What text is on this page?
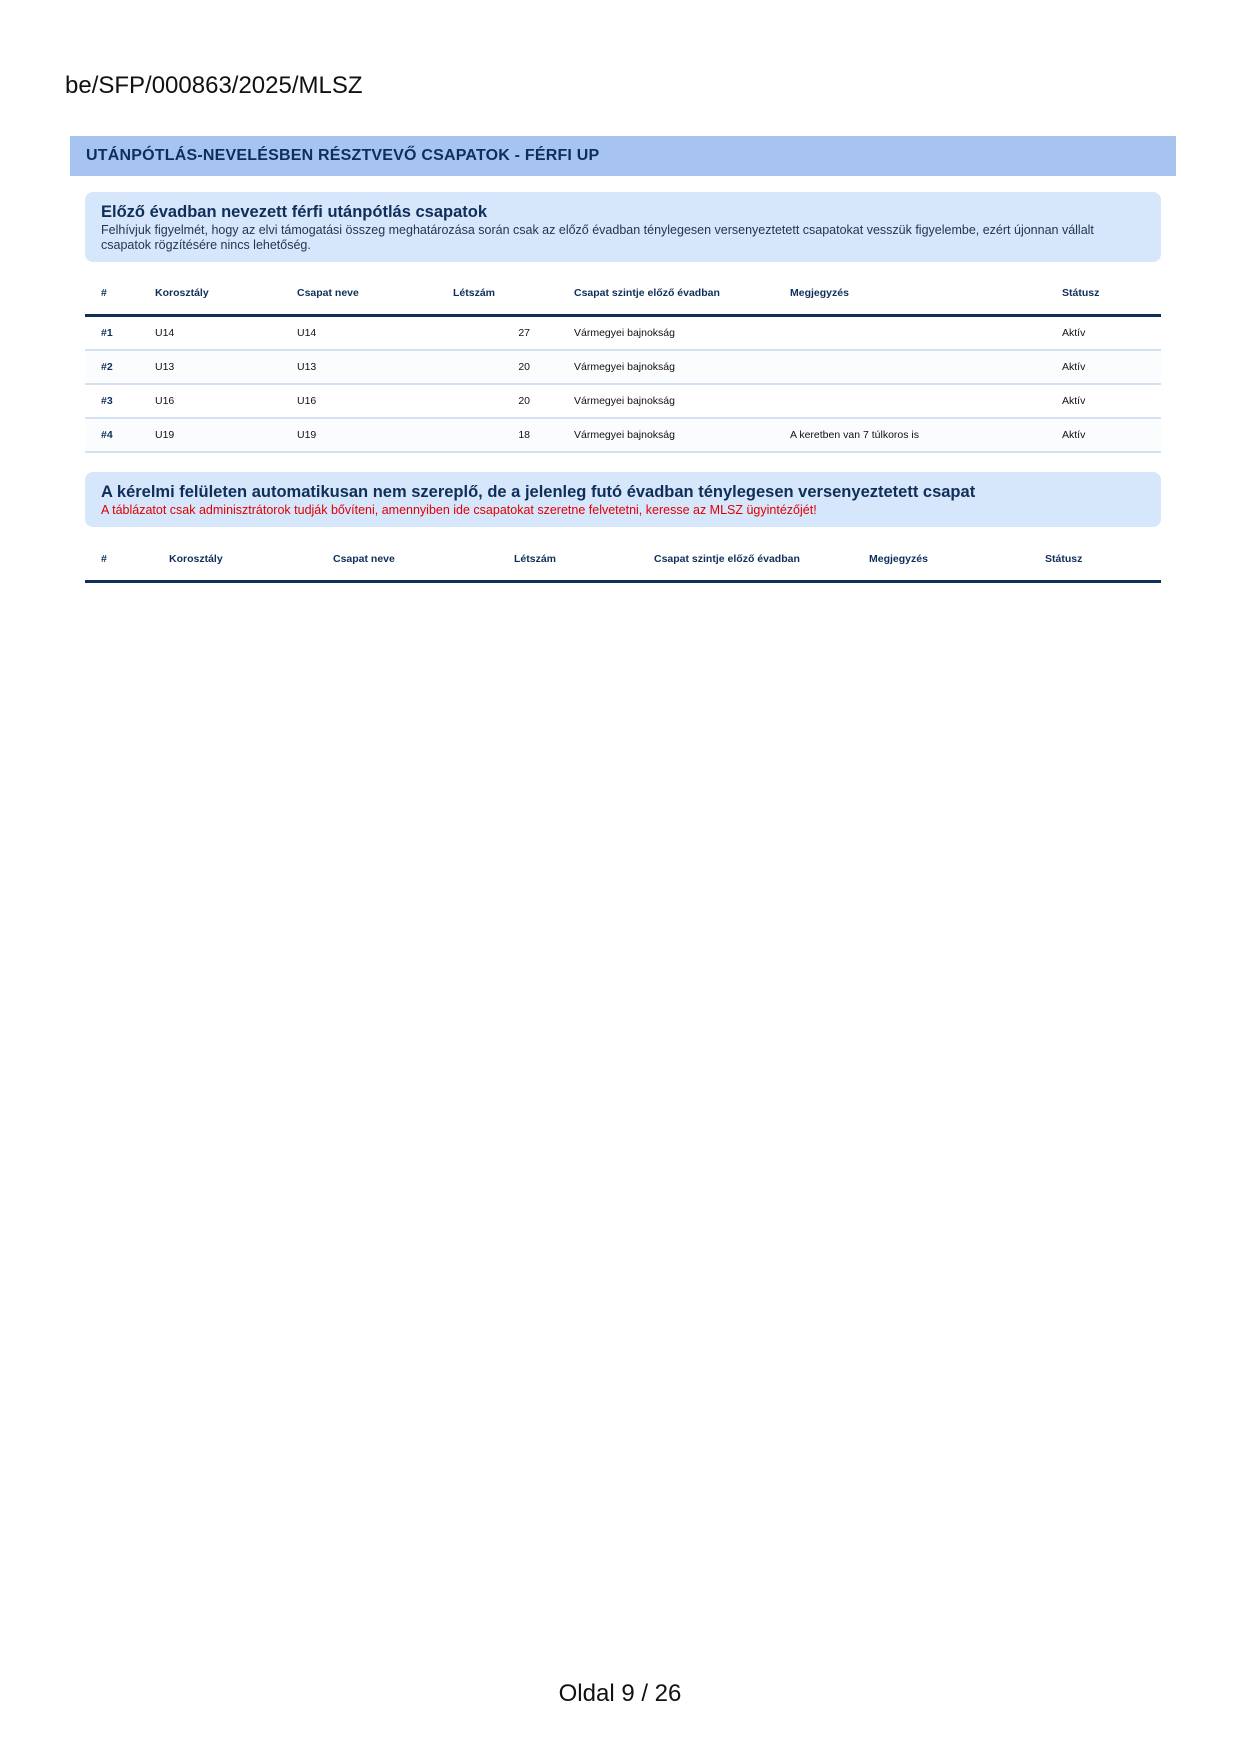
be/SFP/000863/2025/MLSZ
UTÁNPÓTLÁS-NEVELÉSBEN RÉSZTVEVŐ CSAPATOK - FÉRFI UP
Előző évadban nevezett férfi utánpótlás csapatok
Felhívjuk figyelmét, hogy az elvi támogatási összeg meghatározása során csak az előző évadban ténylegesen versenyeztetett csapatokat vesszük figyelembe, ezért újonnan vállalt csapatok rögzítésére nincs lehetőség.
#	Korosztály	Csapat neve	Létszám	Csapat szintje előző évadban	Megjegyzés	Státusz
#1	U14	U14	27	Vármegyei bajnokság		Aktív
#2	U13	U13	20	Vármegyei bajnokság		Aktív
#3	U16	U16	20	Vármegyei bajnokság		Aktív
#4	U19	U19	18	Vármegyei bajnokság	A keretben van 7 túlkoros is	Aktív
A kérelmi felületen automatikusan nem szereplő, de a jelenleg futó évadban ténylegesen versenyeztetett csapat
A táblázatot csak adminisztrátorok tudják bővíteni, amennyiben ide csapatokat szeretne felvetetni, keresse az MLSZ ügyintézőjét!
#	Korosztály	Csapat neve	Létszám	Csapat szintje előző évadban	Megjegyzés	Státusz
Oldal 9 / 26
